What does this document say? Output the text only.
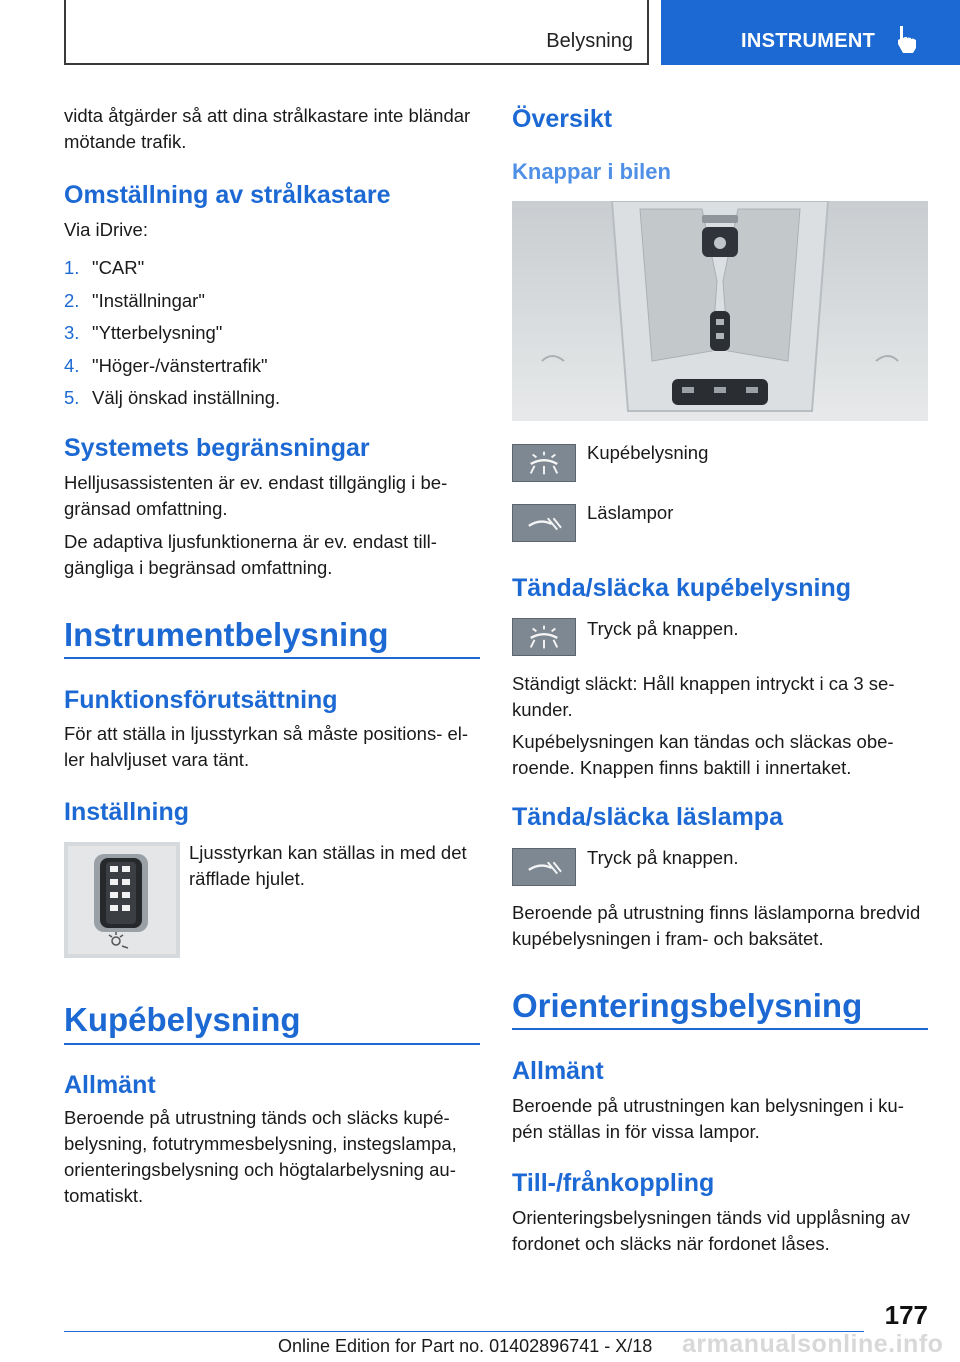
Belysning	INSTRUMENT

vidta åtgärder så att dina strålkastare inte bländar mötande trafik.

Omställning av strålkastare

Via iDrive:

1. "CAR"
2. "Inställningar"
3. "Ytterbelysning"
4. "Höger-/vänstertrafik"
5. Välj önskad inställning.
Systemets begränsningar

Helljusassistenten är ev. endast tillgänglig i begränsad omfattning.

De adaptiva ljusfunktionerna är ev. endast tillgängliga i begränsad omfattning.

Instrumentbelysning
Funktionsförutsättning

För att ställa in ljusstyrkan så måste positions- eller halvljuset vara tänt.

Inställning

Ljusstyrkan kan ställas in med det räfflade hjulet.

Kupébelysning
Allmänt

Beroende på utrustning tänds och släcks kupébelysning, fotutrymmesbelysning, instegslampa, orienteringsbelysning och högtalarbelysning automatiskt.

Översikt
Knappar i bilen

Kupébelysning

Läslampor

Tända/släcka kupébelysning

Tryck på knappen.

Ständigt släckt: Håll knappen intryckt i ca 3 sekunder.

Kupébelysningen kan tändas och släckas oberoende. Knappen finns baktill i innertaket.

Tända/släcka läslampa

Tryck på knappen.

Beroende på utrustning finns läslamporna bredvid kupébelysningen i fram- och baksätet.

Orienteringsbelysning
Allmänt

Beroende på utrustningen kan belysningen i kupén ställas in för vissa lampor.

Till-/frånkoppling

Orienteringsbelysningen tänds vid upplåsning av fordonet och släcks när fordonet låses.

177
Online Edition for Part no. 01402896741 - X/18 armanualsonline.info
